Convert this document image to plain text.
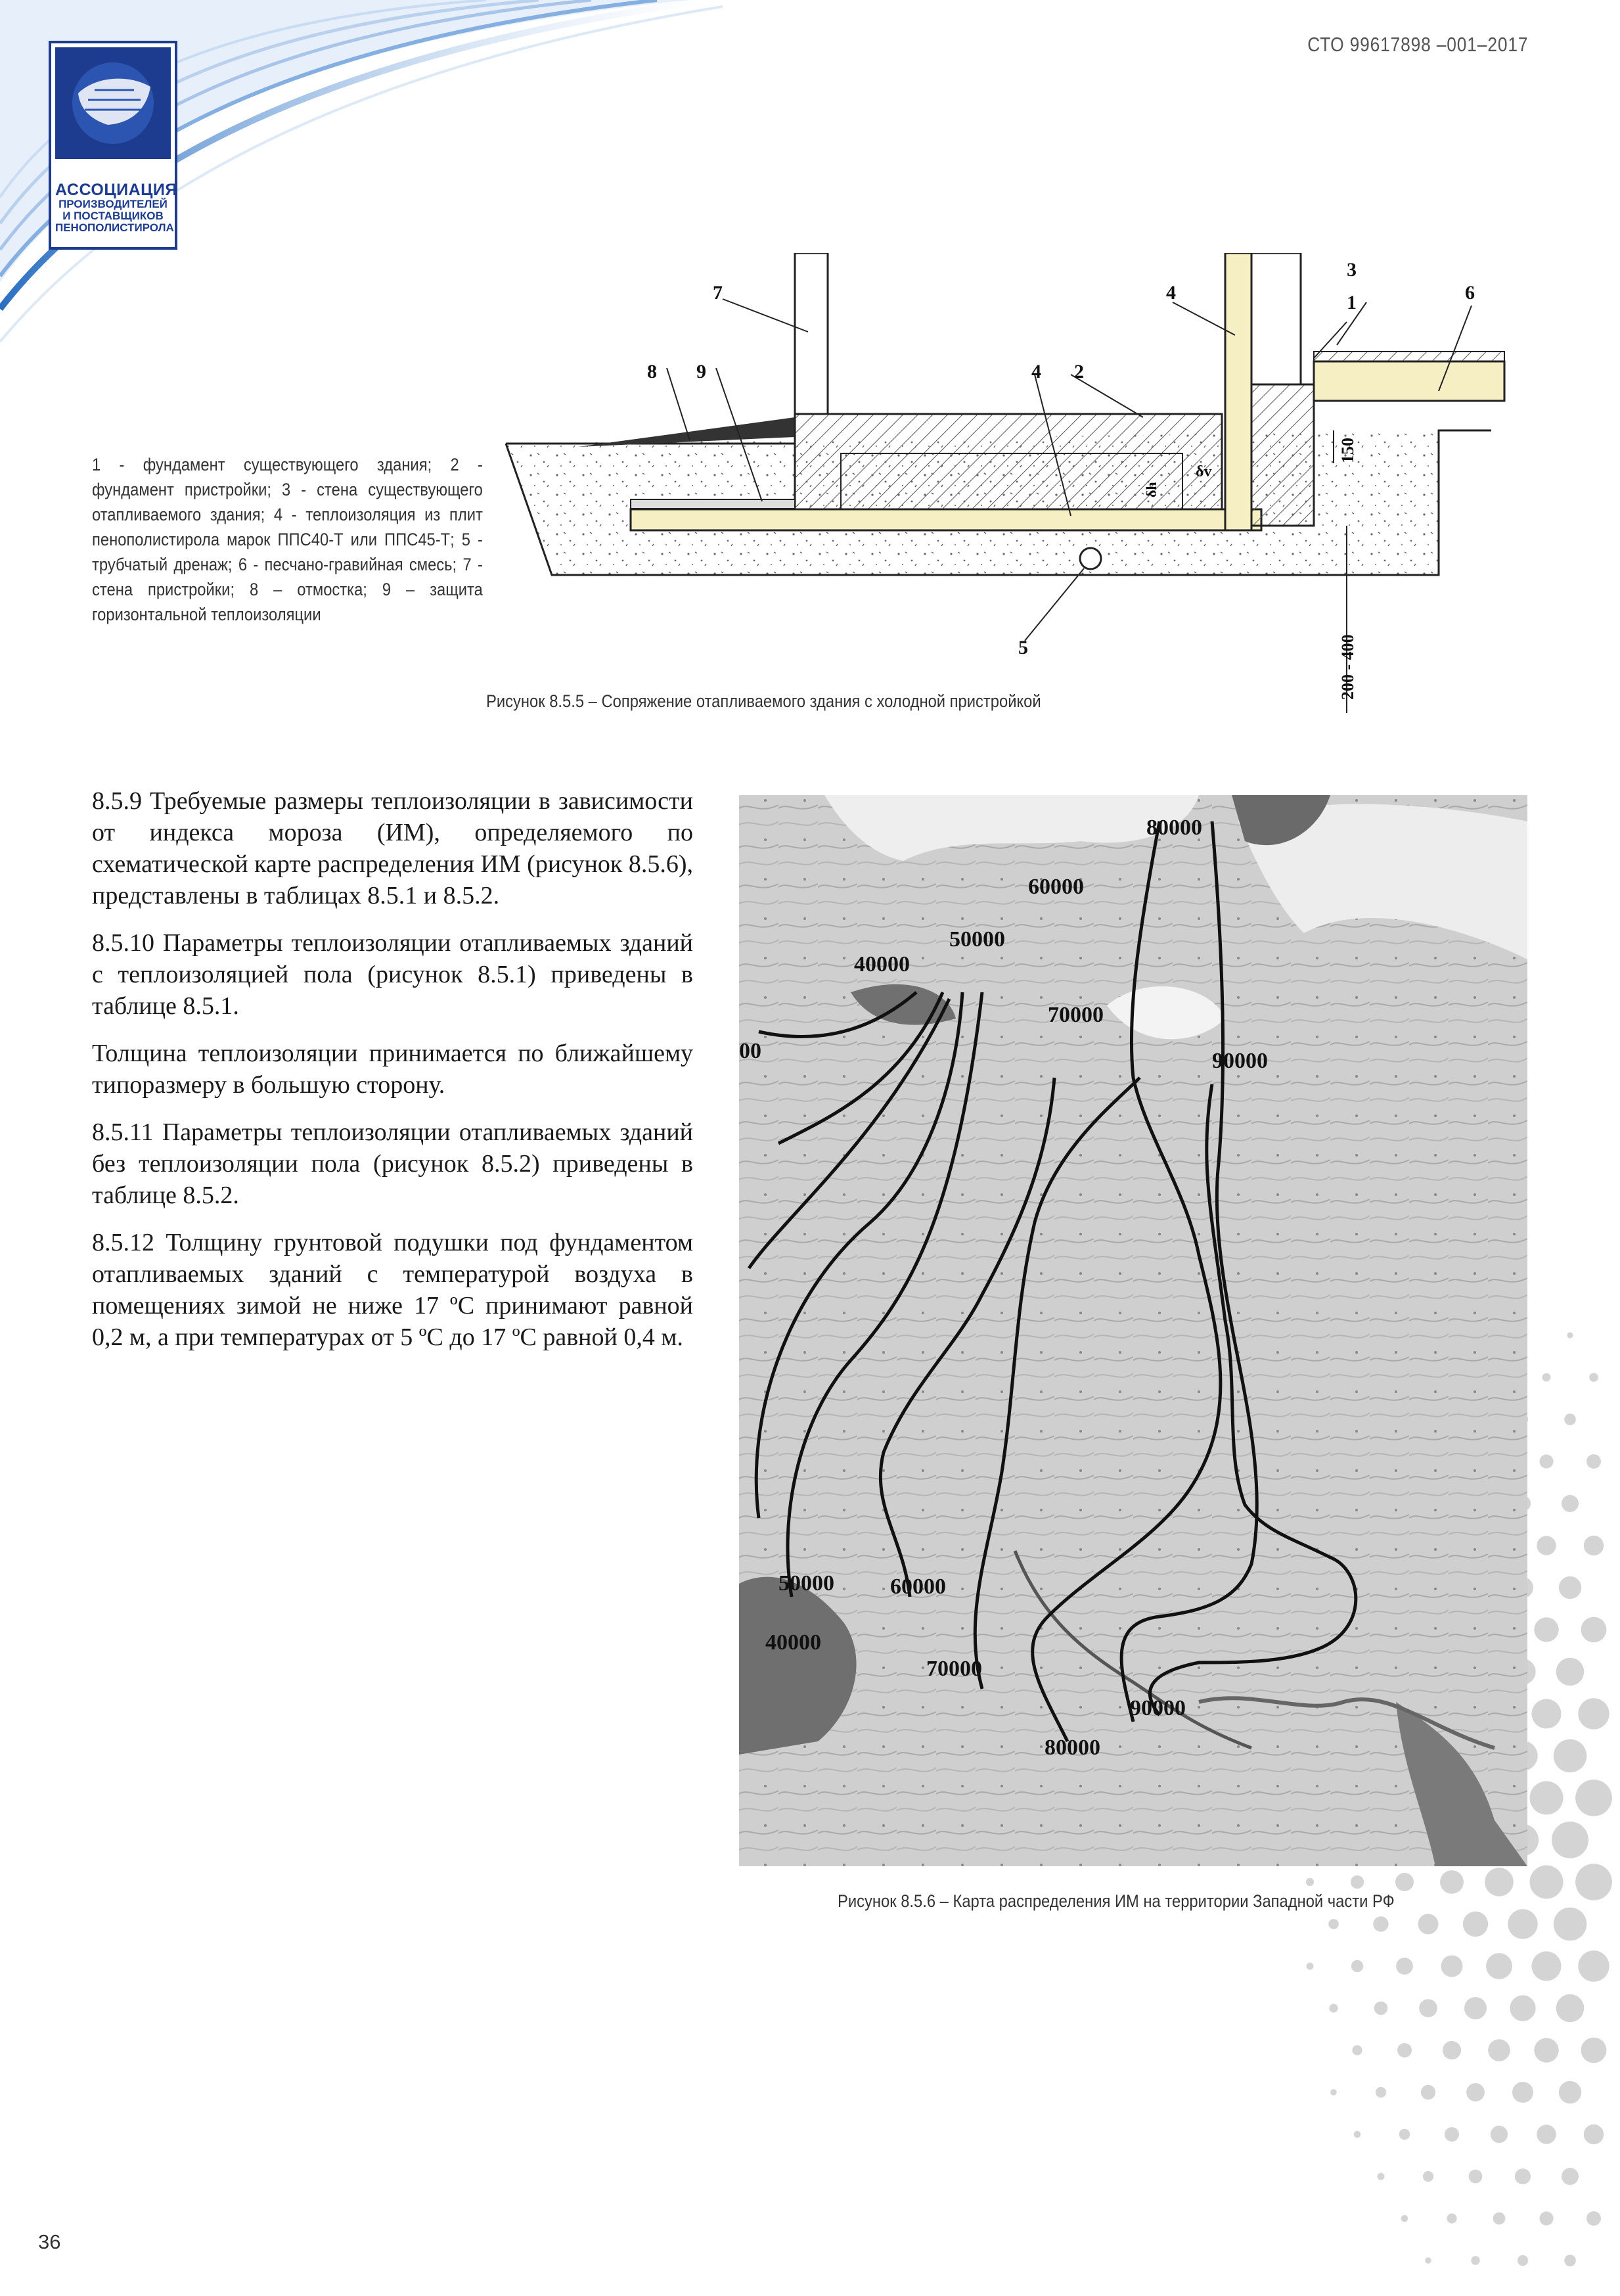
АССОЦИАЦИЯ
ПРОИЗВОДИТЕЛЕЙ
И ПОСТАВЩИКОВ
ПЕНОПОЛИСТИРОЛА
СТО 99617898 –001–2017
1 - фундамент существующего здания; 2 - фундамент пристройки; 3 - стена существующего отапливаемого здания; 4 - теплоизоляция из плит пенополистирола марок ППС40-Т или ППС45-Т; 5 - трубчатый дренаж; 6 - песчано-гравийная смесь; 7 - стена пристройки; 8 – отмостка; 9 – защита горизонтальной теплоизоляции
3
1
7	4	6
8 9	4 2
5
δv
δh
150
200 - 400
Рисунок 8.5.5 – Сопряжение отапливаемого здания с холодной пристройкой

8.5.9 Требуемые размеры теплоизоляции в зависимости от индекса мороза (ИМ), определяемого по схематической карте распределения ИМ (рисунок 8.5.6), представлены в таблицах 8.5.1 и 8.5.2.

8.5.10 Параметры теплоизоляции отапливаемых зданий с теплоизоляцией пола (рисунок 8.5.1) приведены в таблице 8.5.1.

Толщина теплоизоляции принимается по ближайшему типоразмеру в большую сторону.

8.5.11 Параметры теплоизоляции отапливаемых зданий без теплоизоляции пола (рисунок 8.5.2) приведены в таблице 8.5.2.

8.5.12 Толщину грунтовой подушки под фундаментом отапливаемых зданий с температурой воздуха в помещениях зимой не ниже 17 ºС принимают равной 0,2 м, а при температурах от 5 ºС до 17 ºС равной 0,4 м.

80000
60000
50000
40000
70000
90000
00
50000	60000
40000
70000
90000
80000
Рисунок 8.5.6 – Карта распределения ИМ на территории Западной части РФ
36
